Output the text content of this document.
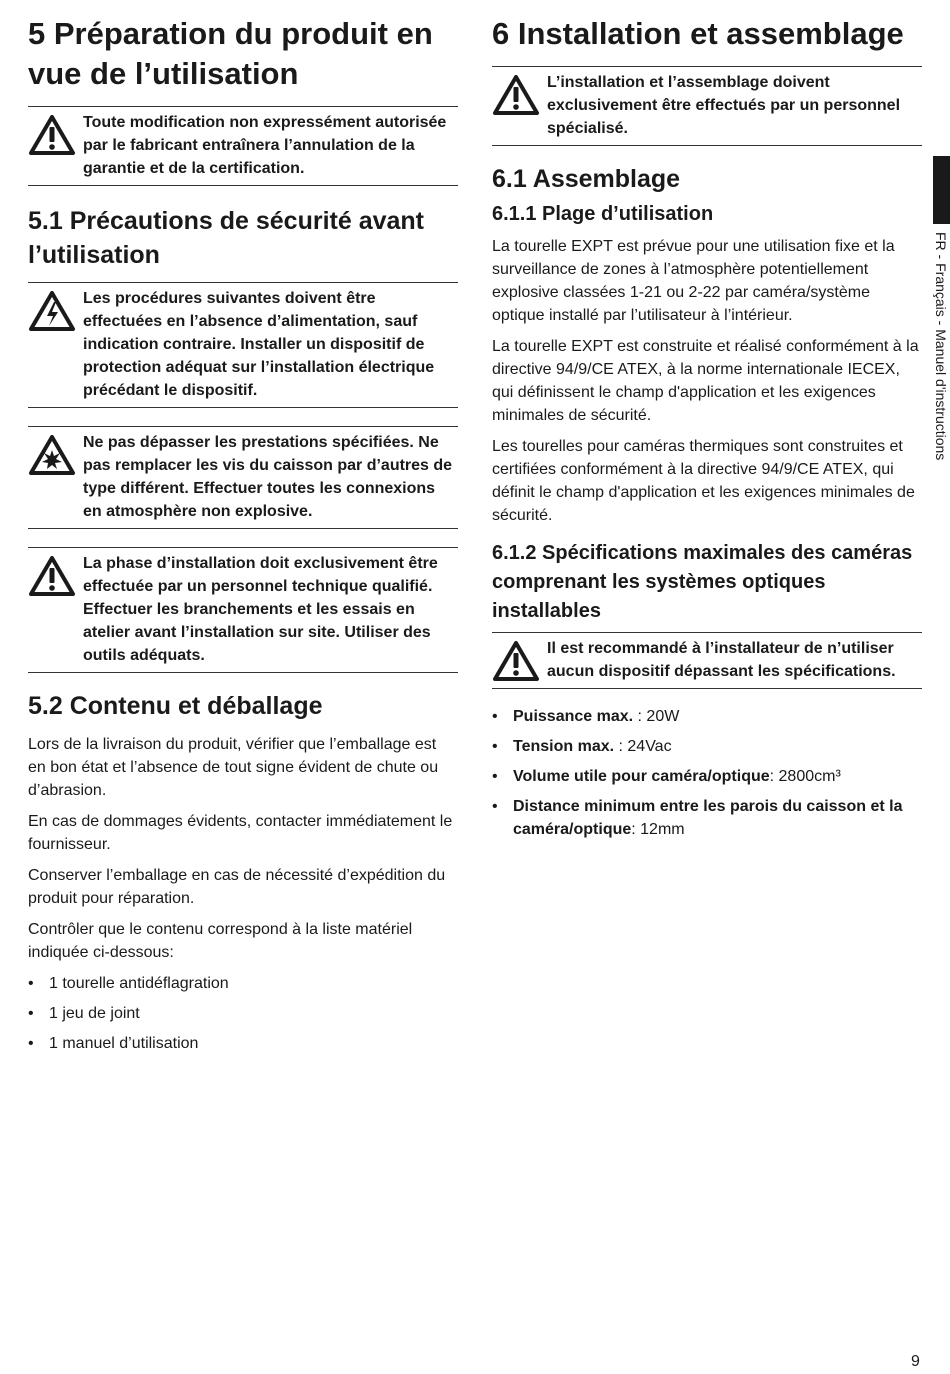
5 Préparation du produit en vue de l’utilisation
Toute modification non expressément autorisée par le fabricant entraînera l’annulation de la garantie et de la certification.
5.1 Précautions de sécurité avant l’utilisation
Les procédures suivantes doivent être effectuées en l’absence d’alimentation, sauf indication contraire. Installer un dispositif de protection adéquat sur l’installation électrique précédant le dispositif.
Ne pas dépasser les prestations spécifiées. Ne pas remplacer les vis du caisson par d’autres de type différent. Effectuer toutes les connexions en atmosphère non explosive.
La phase d’installation doit exclusivement être effectuée par un personnel technique qualifié. Effectuer les branchements et les essais en atelier avant l’installation sur site. Utiliser des outils adéquats.
5.2 Contenu et déballage

Lors de la livraison du produit, vérifier que l’emballage est en bon état et l’absence de tout signe évident de chute ou d’abrasion.

En cas de dommages évidents, contacter immédiatement le fournisseur.

Conserver l’emballage en cas de nécessité d’expédition du produit pour réparation.

Contrôler que le contenu correspond à la liste matériel indiquée ci-dessous:

• 1 tourelle antidéflagration
• 1 jeu de joint
• 1 manuel d’utilisation
6 Installation et assemblage
L’installation et l’assemblage doivent exclusivement être effectués par un personnel spécialisé.
6.1 Assemblage
6.1.1 Plage d’utilisation

La tourelle EXPT est prévue pour une utilisation fixe et la surveillance de zones à l’atmosphère potentiellement explosive classées 1-21 ou 2-22 par caméra/système optique installé par l’utilisateur à l’intérieur.

La tourelle EXPT est construite et réalisé conformément à la directive 94/9/CE ATEX, à la norme internationale IECEX, qui définissent le champ d'application et les exigences minimales de sécurité.

Les tourelles pour caméras thermiques sont construites et certifiées conformément à la directive 94/9/CE ATEX, qui définit le champ d'application et les exigences minimales de sécurité.

6.1.2 Spécifications maximales des caméras comprenant les systèmes optiques installables
Il est recommandé à l’installateur de n’utiliser aucun dispositif dépassant les spécifications.
• Puissance max. : 20W
• Tension max. : 24Vac
• Volume utile pour caméra/optique: 2800cm³
• Distance minimum entre les parois du caisson et la caméra/optique: 12mm
FR - Français - Manuel d'instructions
9
